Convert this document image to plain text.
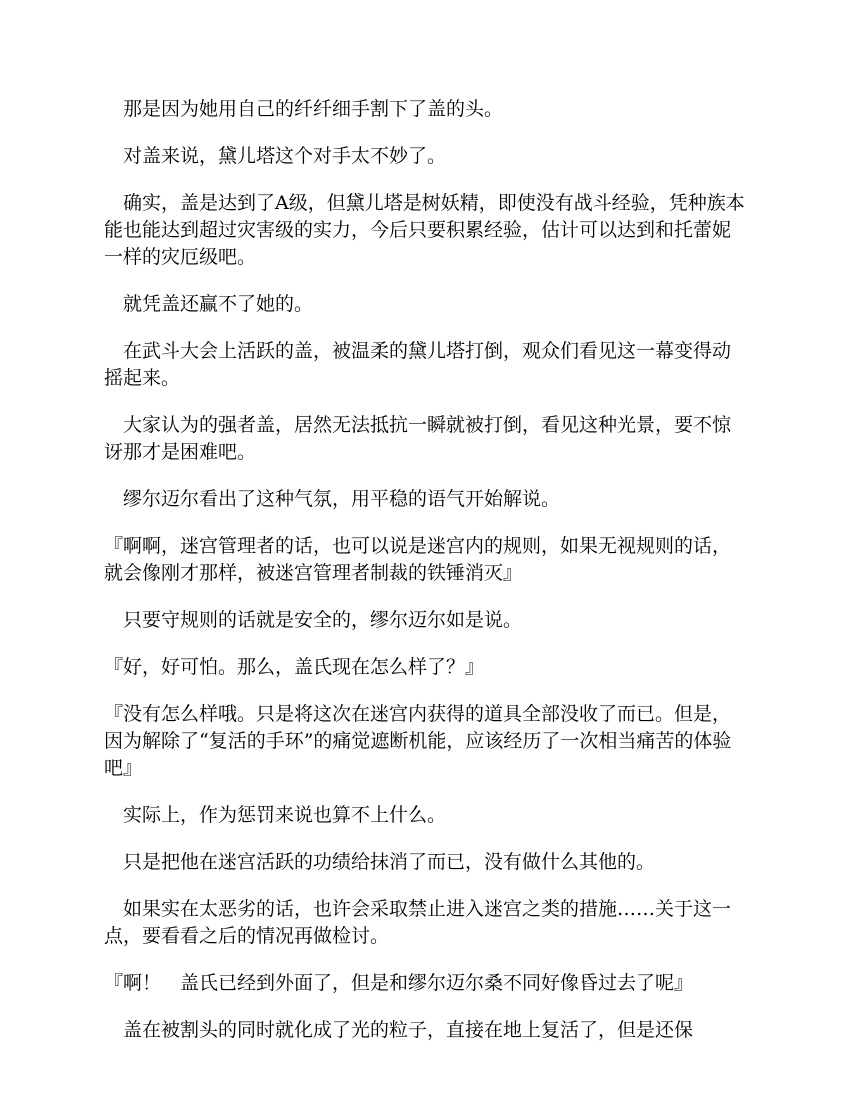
那是因为她用自己的纤纤细手割下了盖的头。

对盖来说，黛儿塔这个对手太不妙了。

确实，盖是达到了A级，但黛儿塔是树妖精，即使没有战斗经验，凭种族本能也能达到超过灾害级的实力，今后只要积累经验，估计可以达到和托蕾妮一样的灾厄级吧。

就凭盖还赢不了她的。

在武斗大会上活跃的盖，被温柔的黛儿塔打倒，观众们看见这一幕变得动摇起来。

大家认为的强者盖，居然无法抵抗一瞬就被打倒，看见这种光景，要不惊讶那才是困难吧。

缪尔迈尔看出了这种气氛，用平稳的语气开始解说。

『啊啊，迷宫管理者的话，也可以说是迷宫内的规则，如果无视规则的话，就会像刚才那样，被迷宫管理者制裁的铁锤消灭』

只要守规则的话就是安全的，缪尔迈尔如是说。

『好，好可怕。那么，盖氏现在怎么样了？』

『没有怎么样哦。只是将这次在迷宫内获得的道具全部没收了而已。但是，因为解除了“复活的手环”的痛觉遮断机能，应该经历了一次相当痛苦的体验吧』

实际上，作为惩罚来说也算不上什么。

只是把他在迷宫活跃的功绩给抹消了而已，没有做什么其他的。

如果实在太恶劣的话，也许会采取禁止进入迷宫之类的措施……关于这一点，要看看之后的情况再做检讨。

『啊！　盖氏已经到外面了，但是和缪尔迈尔桑不同好像昏过去了呢』

盖在被割头的同时就化成了光的粒子，直接在地上复活了，但是还保
